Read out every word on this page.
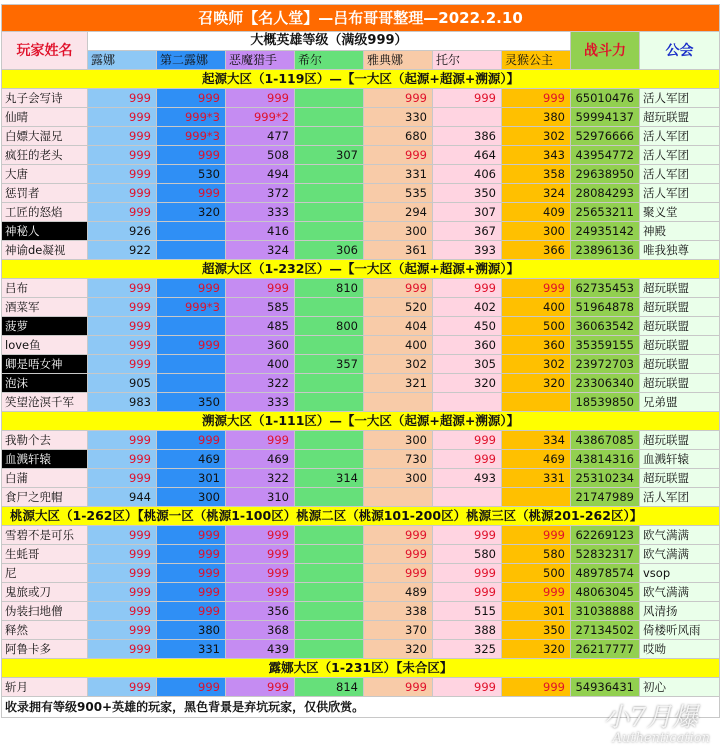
召唤师【名人堂】—吕布哥哥整理—2022.2.10									
玩家姓名	大概英雄等级（满级999）							战斗力	公会
	露娜	第二露娜	恶魔猎手	希尔	雅典娜	托尔	灵猴公主		
起源大区（1-119区）—【一大区（起源+超源+溯源）】									
丸子会写诗	999	999	999		999	999	999	65010476	活人军团
仙晴	999	999*3	999*2		330		380	59994137	超玩联盟
白嫖大湿兄	999	999*3	477		680	386	302	52976666	活人军团
疯狂的老头	999	999	508	307	999	464	343	43954772	活人军团
大唐	999	530	494		331	406	358	29638950	活人军团
惩罚者	999	999	372		535	350	324	28084293	活人军团
工匠的怒焰	999	320	333		294	307	409	25653211	聚义堂
神秘人	926		416		300	367	300	24935142	神殿
神谕de凝视	922		324	306	361	393	366	23896136	唯我独尊
超源大区（1-232区）—【一大区（起源+超源+溯源）】									
吕布	999	999	999	810	999	999	999	62735453	超玩联盟
酒菜军	999	999*3	585		520	402	400	51964878	超玩联盟
菠萝	999		485	800	404	450	500	36063542	超玩联盟
love鱼	999	999	360		400	360	360	35359155	超玩联盟
卿是唔女神	999		400	357	302	305	302	23972703	超玩联盟
泡沫	905		322		321	320	320	23306340	超玩联盟
笑望沧溟千军	983	350	333					18539850	兄弟盟
溯源大区（1-111区）—【一大区（起源+超源+溯源）】									
我勒个去	999	999	999		300	999	334	43867085	超玩联盟
血溅轩辕	999	469	469		730	999	469	43814316	血溅轩辕
白蒲	999	301	322	314	300	493	331	25310234	超玩联盟
食尸之兜帽	944	300	310					21747989	活人军团
桃源大区（1-262区）【桃源一区（桃源1-100区）桃源二区（桃源101-200区）桃源三区（桃源201-262区）】									
雪碧不是可乐	999	999	999		999	999	999	62269123	欧气满满
生蚝哥	999	999	999		999	580	580	52832317	欧气满满
尼	999	999	999		999	999	500	48978574	vsop
鬼旅或刀	999	999	999		489	999	999	48063045	欧气满满
伪装扫地僧	999	999	356		338	515	301	31038888	风清扬
释然	999	380	368		370	388	350	27134502	倚楼听风雨
阿鲁卡多	999	331	439		320	325	320	26217777	哎呦
露娜大区（1-231区）【未合区】									
斩月	999	999	999	814	999	999	999	54936431	初心
收录拥有等级900+英雄的玩家，黑色背景是弃坑玩家，仅供欣赏。										小7月爆
Authentication
